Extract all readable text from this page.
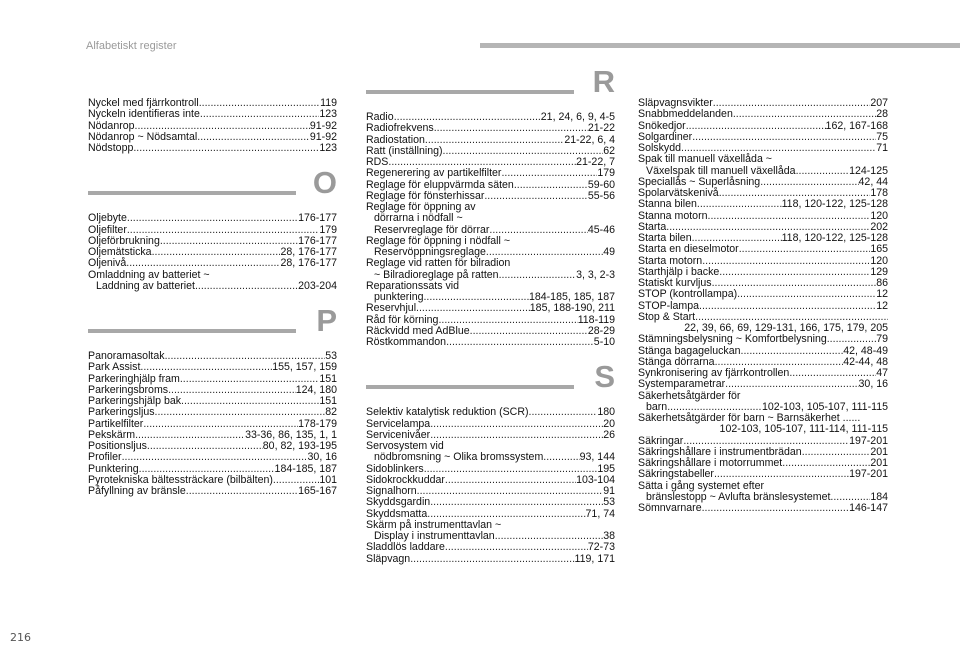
Alfabetiskt register
Nyckel med fjärrkontroll .....	119
Nyckeln identifieras inte .....	123
Nödanrop .....	91-92
Nödanrop ~ Nödsamtal .....	91-92
Nödstopp .....	123
O
Oljebyte .....	176-177
Oljefilter .....	179
Oljeförbrukning .....	176-177
Oljemätsticka .....	28, 176-177
Oljenivå .....	28, 176-177
Omladdning av batteriet ~
Laddning av batteriet .....	203-204
P
Panoramasoltak .....	53
Park Assist .....	155, 157, 159
Parkeringhjälp fram .....	151
Parkeringsbroms .....	124, 180
Parkeringshjälp bak .....	151
Parkeringsljus .....	82
Partikelfilter .....	178-179
Pekskärm .....	33-36, 86, 135, 1, 1
Positionsljus .....	80, 82, 193-195
Profiler .....	30, 16
Punktering .....	184-185, 187
Pyrotekniska bältessträckare (bilbälten) .....	101
Påfyllning av bränsle .....	165-167
R
Radio .....	21, 24, 6, 9, 4-5
Radiofrekvens .....	21-22
Radiostation .....	21-22, 6, 4
Ratt (inställning) .....	62
RDS .....	21-22, 7
Regenerering av partikelfilter .....	179
Reglage för eluppvärmda säten .....	59-60
Reglage för fönsterhissar .....	55-56
Reglage för öppning av
dörrarna i nödfall ~
Reservreglage för dörrar .....	45-46
Reglage för öppning i nödfall ~
Reservöppningsreglage .....	49
Reglage vid ratten för bilradion
~ Bilradioreglage på ratten .....	3, 3, 2-3
Reparationssats vid
punktering .....	184-185, 185, 187
Reservhjul .....	185, 188-190, 211
Råd för körning .....	118-119
Räckvidd med AdBlue .....	28-29
Röstkommandon .....	5-10
S
Selektiv katalytisk reduktion (SCR) .....	180
Servicelampa .....	20
Servicenivåer .....	26
Servosystem vid
nödbromsning ~ Olika bromssystem .....	93, 144
Sidoblinkers .....	195
Sidokrockkuddar .....	103-104
Signalhorn .....	91
Skyddsgardin .....	53
Skyddsmatta .....	71, 74
Skärm på instrumenttavlan ~
Display i instrumenttavlan .....	38
Sladdlös laddare .....	72-73
Släpvagn .....	119, 171
Släpvagnsvikter .....	207
Snabbmeddelanden .....	28
Snökedjor .....	162, 167-168
Solgardiner .....	75
Solskydd .....	71
Spak till manuell växellåda ~
Växelspak till manuell växellåda .....	124-125
Speciallås ~ Superlåsning .....	42, 44
Spolarvätskenivå .....	178
Stanna bilen .....	118, 120-122, 125-128
Stanna motorn .....	120
Starta .....	202
Starta bilen .....	118, 120-122, 125-128
Starta en dieselmotor .....	165
Starta motorn .....	120
Starthjälp i backe .....	129
Statiskt kurvljus .....	86
STOP (kontrollampa) .....	12
STOP-lampa .....	12
Stop & Start
.....
22, 39, 66, 69, 129-131, 166, 175, 179, 205
Stämningsbelysning ~ Komfortbelysning .....	79
Stänga bagageluckan .....	42, 48-49
Stänga dörrarna .....	42-44, 48
Synkronisering av fjärrkontrollen .....	47
Systemparametrar .....	30, 16
Säkerhetsåtgärder för
barn .....	102-103, 105-107, 111-115
Säkerhetsåtgärder för barn ~ Barnsäkerhet ......
102-103, 105-107, 111-114, 111-115
Säkringar .....	197-201
Säkringshållare i instrumentbrädan .....	201
Säkringshållare i motorrummet .....	201
Säkringstabeller .....	197-201
Sätta i gång systemet efter
bränslestopp ~ Avlufta bränslesystemet .....	184
Sömnvarnare .....	146-147
216
